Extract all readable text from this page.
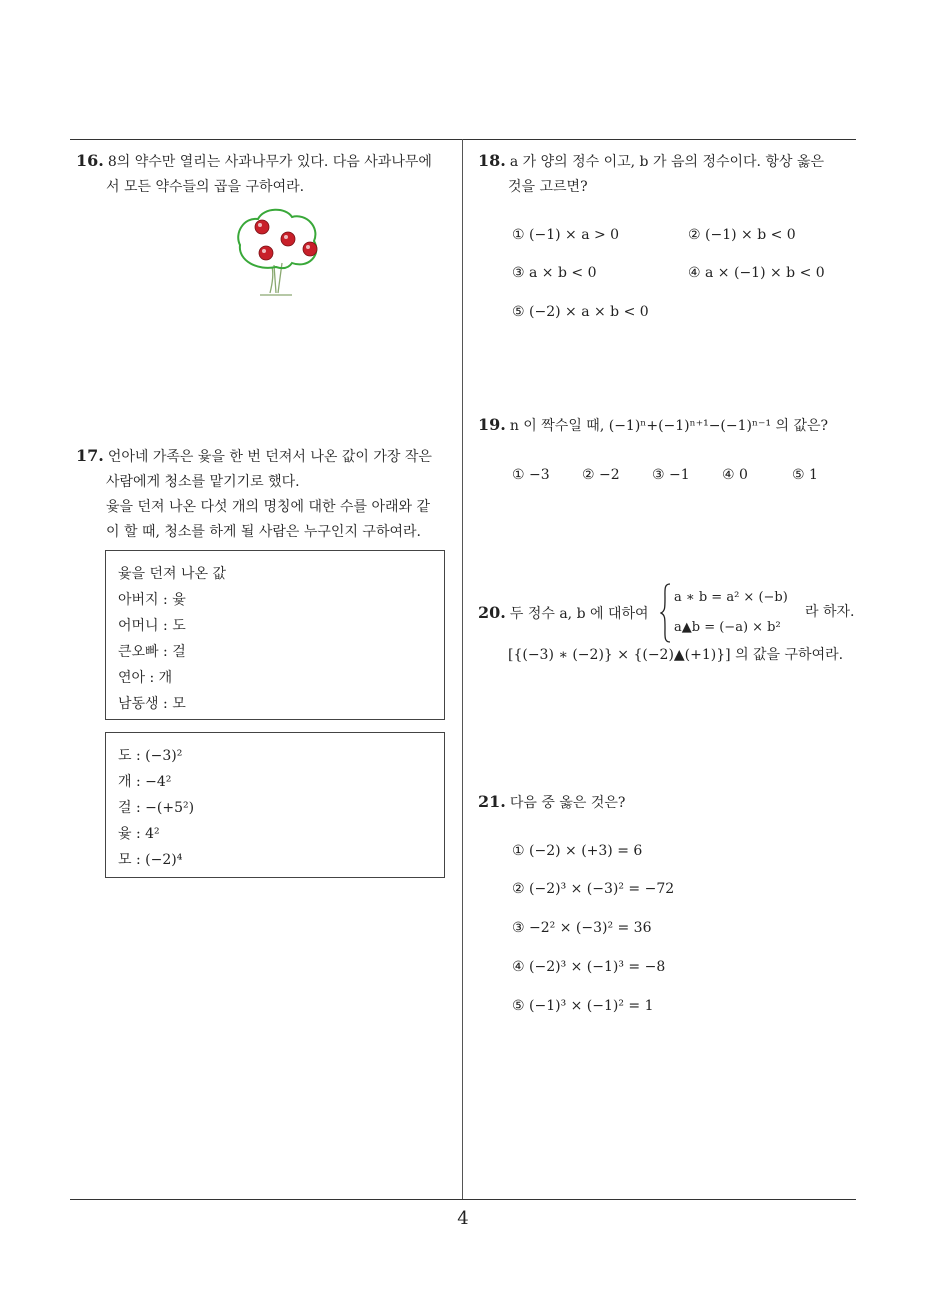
4
16. 8의 약수만 열리는 사과나무가 있다. 다음 사과나무에
서 모든 약수들의 곱을 구하여라.
17. 언아네 가족은 윷을 한 번 던져서 나온 값이 가장 작은
사람에게 청소를 맡기기로 했다.
윷을 던져 나온 다섯 개의 명칭에 대한 수를 아래와 같
이 할 때, 청소를 하게 될 사람은 누구인지 구하여라.
윷을 던져 나온 값
아버지 : 윷
어머니 : 도
큰오빠 : 걸
연아 : 개
남동생 : 모
도 : (−3)²
개 : −4²
걸 : −(+5²)
윷 : 4²
모 : (−2)⁴
18. a 가 양의 정수 이고, b 가 음의 정수이다. 항상 옳은
것을 고르면?
① (−1) × a > 0	② (−1) × b < 0
③ a × b < 0	④ a × (−1) × b < 0
⑤ (−2) × a × b < 0
19. n 이 짝수일 때, (−1)ⁿ+(−1)ⁿ⁺¹−(−1)ⁿ⁻¹ 의 값은?
① −3 ② −2 ③ −1 ④ 0	⑤ 1
20. 두 정수 a, b 에 대하여
a ∗ b = a² × (−b)
a▲b = (−a) × b²
라 하자.
[{(−3) ∗ (−2)} × {(−2)▲(+1)}] 의 값을 구하여라.
21. 다음 중 옳은 것은?
① (−2) × (+3) = 6
② (−2)³ × (−3)² = −72
③ −2² × (−3)² = 36
④ (−2)³ × (−1)³ = −8
⑤ (−1)³ × (−1)² = 1
